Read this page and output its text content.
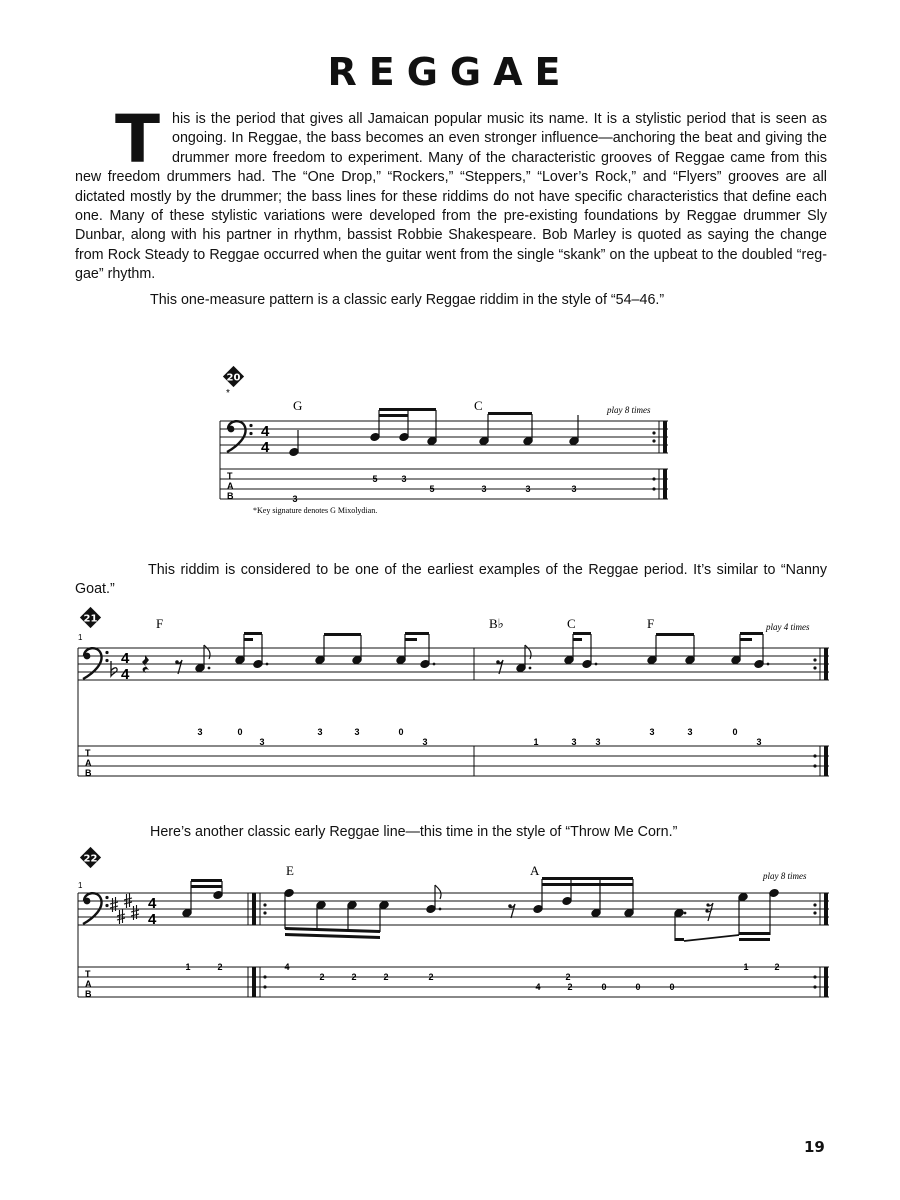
REGGAE

This is the period that gives all Jamaican popular music its name. It is a stylistic period that is seen as ongoing. In Reggae, the bass becomes an even stronger influence—anchoring the beat and giving the drummer more freedom to experiment. Many of the characteristic grooves of Reggae came from this new freedom drummers had. The “One Drop,” “Rockers,” “Steppers,” “Lover’s Rock,” and “Flyers” grooves are all dictated mostly by the drummer; the bass lines for these riddims do not have specific characteristics that define each one. Many of these stylistic variations were developed from the pre-existing foundations by Reggae drummer Sly Dunbar, along with his partner in rhythm, bassist Robbie Shakespeare. Bob Marley is quoted as saying the change from Rock Steady to Reggae occurred when the guitar went from the single “skank” on the upbeat to the doubled “reg-gae” rhythm.

This one-measure pattern is a classic early Reggae riddim in the style of “54–46.”

This riddim is considered to be one of the earliest examples of the Reggae period. It’s similar to “Nanny Goat.”

Here’s another classic early Reggae line—this time in the style of “Throw Me Corn.”

20
*
G	C	play 8 times
4
4
T
A
B	3
5	3
5	3	3	3
*Key signature denotes G Mixolydian.
21
1
F	B♭	C	F	play 4 times
4
4
T
A
B
3	0
3
3	3	0
3	1	3 3
3	3	0
3
22
1
E	A	play 8 times
4
4
T
A
B
1	2	4
2	2	2	2	2
4	2	0	0	0
1	2
19
